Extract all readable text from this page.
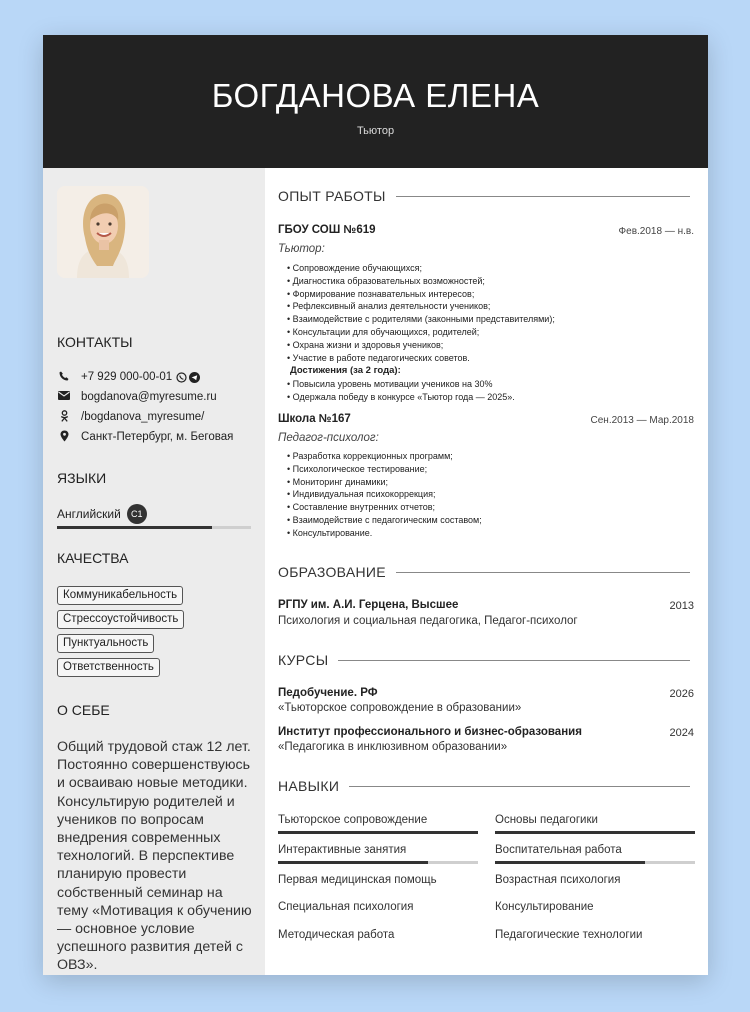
БОГДАНОВА ЕЛЕНА
Тьютор
КОНТАКТЫ
+7 929 000-00-01
bogdanova@myresume.ru
/bogdanova_myresume/
Санкт-Петербург, м. Беговая
ЯЗЫКИ
Английский	C1
КАЧЕСТВА
Коммуникабельность
Стрессоустойчивость
Пунктуальность
Ответственность
О СЕБЕ
Общий трудовой стаж 12 лет. Постоянно совершенствуюсь и осваиваю новые методики. Консультирую родителей и учеников по вопросам внедрения современных технологий. В перспективе планирую провести собственный семинар на тему «Мотивация к обучению — основное условие успешного развития детей с ОВЗ».
ОПЫТ РАБОТЫ
ГБОУ СОШ №619	Фев.2018 — н.в.
Тьютор:
• Сопровождение обучающихся;
• Диагностика образовательных возможностей;
• Формирование познавательных интересов;
• Рефлексивный анализ деятельности учеников;
• Взаимодействие с родителями (законными представителями);
• Консультации для обучающихся, родителей;
• Охрана жизни и здоровья учеников;
• Участие в работе педагогических советов.
Достижения (за 2 года):
• Повысила уровень мотивации учеников на 30%
• Одержала победу в конкурсе «Тьютор года — 2025».
Школа №167	Сен.2013 — Мар.2018
Педагог-психолог:
• Разработка коррекционных программ;
• Психологическое тестирование;
• Мониторинг динамики;
• Индивидуальная психокоррекция;
• Составление внутренних отчетов;
• Взаимодействие с педагогическим составом;
• Консультирование.
ОБРАЗОВАНИЕ
РГПУ им. А.И. Герцена, Высшее	2013
Психология и социальная педагогика, Педагог-психолог
КУРСЫ
Педобучение. РФ	2026
«Тьюторское сопровождение в образовании»
Институт профессионального и бизнес-образования	2024
«Педагогика в инклюзивном образовании»
НАВЫКИ
Тьюторское сопровождение	Основы педагогики
Интерактивные занятия	Воспитательная работа
Первая медицинская помощь	Возрастная психология
Специальная психология	Консультирование
Методическая работа	Педагогические технологии
